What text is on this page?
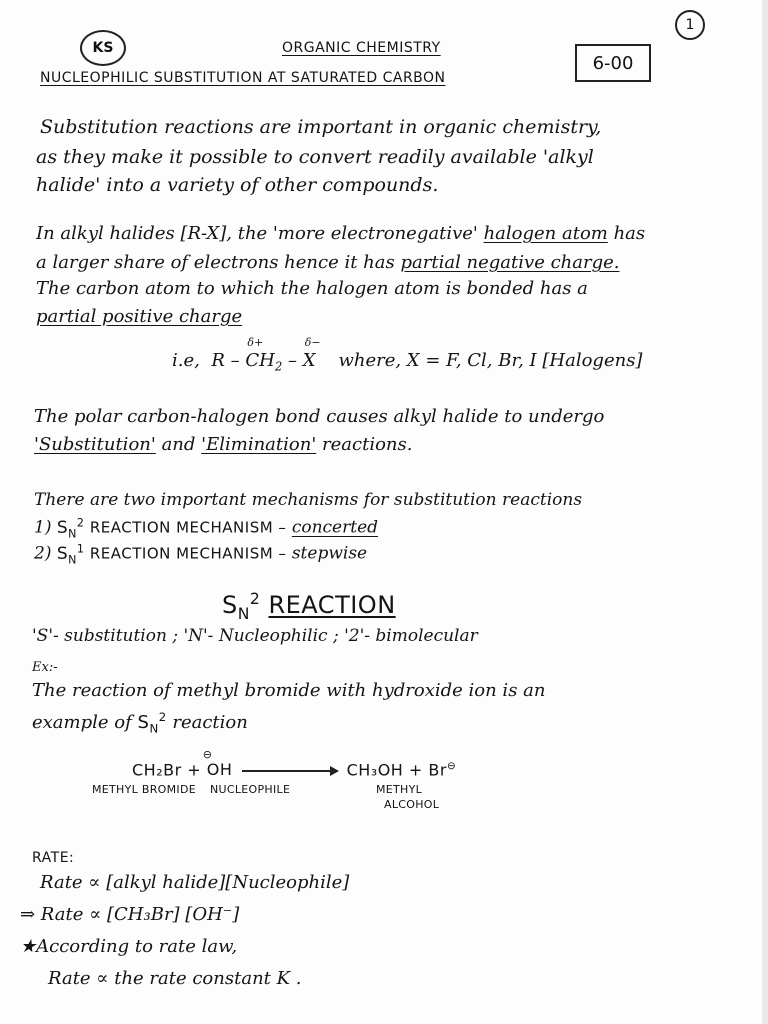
KS
1
6-00
ORGANIC CHEMISTRY
NUCLEOPHILIC SUBSTITUTION AT SATURATED CARBON
Substitution reactions are important in organic chemistry,
as they make it possible to convert readily available 'alkyl
halide' into a variety of other compounds.
In alkyl halides [R-X], the 'more electronegative' halogen atom has
a larger share of electrons hence it has partial negative charge.
The carbon atom to which the halogen atom is bonded has a
partial positive charge
i.e, R –
δ+
$CH_2$ –
δ−
X where, X = F, Cl, Br, I [Halogens]
The polar carbon-halogen bond causes alkyl halide to undergo
'Substitution' and 'Elimination' reactions.
There are two important mechanisms for substitution reactions
1) $S_N^2$ REACTION MECHANISM – concerted
2) $S_N^1$ REACTION MECHANISM – stepwise
$S_N^2$ REACTION
'S'- substitution ; 'N'- Nucleophilic ; '2'- bimolecular
Ex:-
The reaction of methyl bromide with hydroxide ion is an
example of $S_N^2$ reaction
CH₂Br +
⊖
OH	CH₃OH + Br⊖
METHYL BROMIDE NUCLEOPHILE	METHYL
ALCOHOL
RATE:
Rate ∝ [alkyl halide][Nucleophile]
⇒ Rate ∝ [CH₃Br] [OH⁻]
★According to rate law,
Rate ∝ the rate constant K .
